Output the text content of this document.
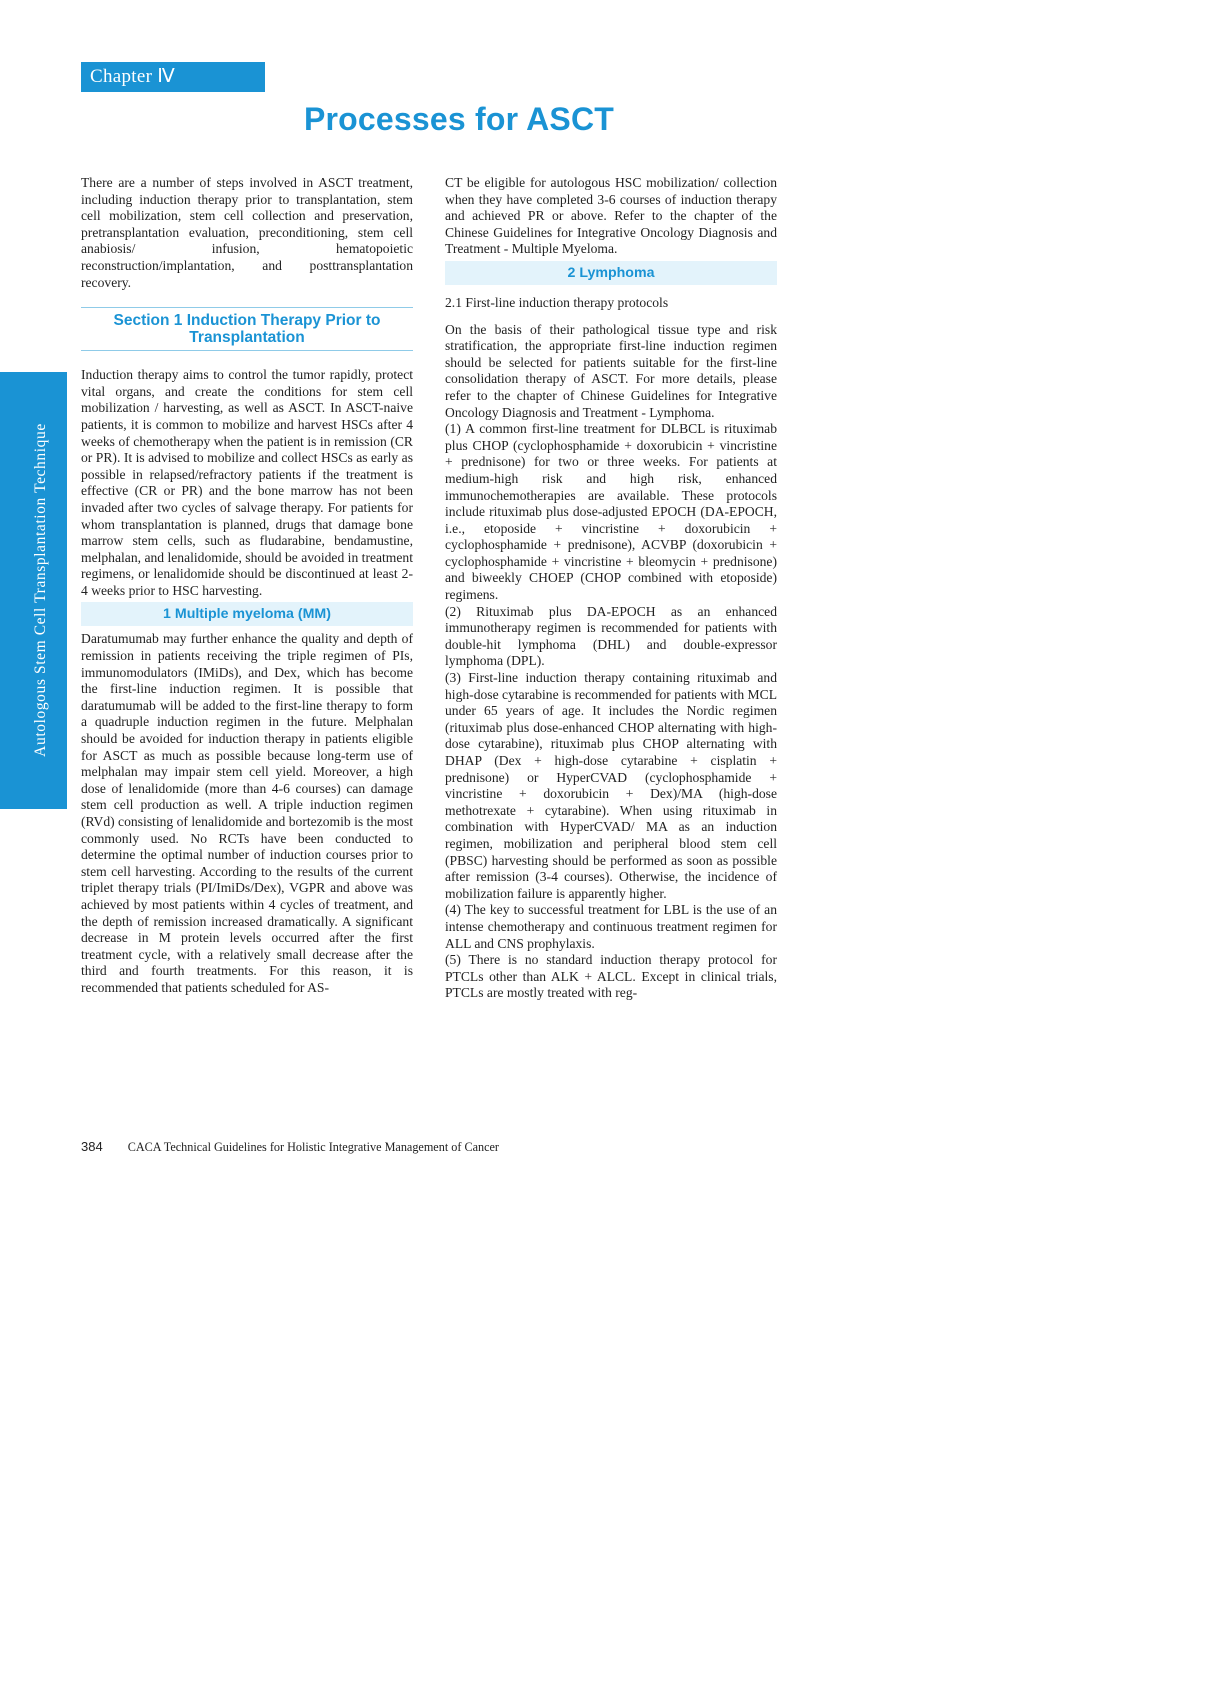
Chapter Ⅳ
Processes for ASCT
Autologous Stem Cell Transplantation Technique

There are a number of steps involved in ASCT treatment, including induction therapy prior to transplantation, stem cell mobilization, stem cell collection and preservation, pretransplantation evaluation, preconditioning, stem cell anabiosis/ infusion, hematopoietic reconstruction/implantation, and posttransplantation recovery.

Section 1 Induction Therapy Prior to Transplantation

Induction therapy aims to control the tumor rapidly, protect vital organs, and create the conditions for stem cell mobilization / harvesting, as well as ASCT. In ASCT-naive patients, it is common to mobilize and harvest HSCs after 4 weeks of chemotherapy when the patient is in remission (CR or PR). It is advised to mobilize and collect HSCs as early as possible in relapsed/refractory patients if the treatment is effective (CR or PR) and the bone marrow has not been invaded after two cycles of salvage therapy. For patients for whom transplantation is planned, drugs that damage bone marrow stem cells, such as fludarabine, bendamustine, melphalan, and lenalidomide, should be avoided in treatment regimens, or lenalidomide should be discontinued at least 2-4 weeks prior to HSC harvesting.

1 Multiple myeloma (MM)

Daratumumab may further enhance the quality and depth of remission in patients receiving the triple regimen of PIs, immunomodulators (IMiDs), and Dex, which has become the first-line induction regimen. It is possible that daratumumab will be added to the first-line therapy to form a quadruple induction regimen in the future. Melphalan should be avoided for induction therapy in patients eligible for ASCT as much as possible because long-term use of melphalan may impair stem cell yield. Moreover, a high dose of lenalidomide (more than 4-6 courses) can damage stem cell production as well. A triple induction regimen (RVd) consisting of lenalidomide and bortezomib is the most commonly used. No RCTs have been conducted to determine the optimal number of induction courses prior to stem cell harvesting. According to the results of the current triplet therapy trials (PI/ImiDs/Dex), VGPR and above was achieved by most patients within 4 cycles of treatment, and the depth of remission increased dramatically. A significant decrease in M protein levels occurred after the first treatment cycle, with a relatively small decrease after the third and fourth treatments. For this reason, it is recommended that patients scheduled for AS-

CT be eligible for autologous HSC mobilization/ collection when they have completed 3-6 courses of induction therapy and achieved PR or above. Refer to the chapter of the Chinese Guidelines for Integrative Oncology Diagnosis and Treatment - Multiple Myeloma.

2 Lymphoma

2.1 First-line induction therapy protocols

On the basis of their pathological tissue type and risk stratification, the appropriate first-line induction regimen should be selected for patients suitable for the first-line consolidation therapy of ASCT. For more details, please refer to the chapter of Chinese Guidelines for Integrative Oncology Diagnosis and Treatment - Lymphoma.

(1) A common first-line treatment for DLBCL is rituximab plus CHOP (cyclophosphamide + doxorubicin + vincristine + prednisone) for two or three weeks. For patients at medium-high risk and high risk, enhanced immunochemotherapies are available. These protocols include rituximab plus dose-adjusted EPOCH (DA-EPOCH, i.e., etoposide + vincristine + doxorubicin + cyclophosphamide + prednisone), ACVBP (doxorubicin + cyclophosphamide + vincristine + bleomycin + prednisone) and biweekly CHOEP (CHOP combined with etoposide) regimens.

(2) Rituximab plus DA-EPOCH as an enhanced immunotherapy regimen is recommended for patients with double-hit lymphoma (DHL) and double-expressor lymphoma (DPL).

(3) First-line induction therapy containing rituximab and high-dose cytarabine is recommended for patients with MCL under 65 years of age. It includes the Nordic regimen (rituximab plus dose-enhanced CHOP alternating with high-dose cytarabine), rituximab plus CHOP alternating with DHAP (Dex + high-dose cytarabine + cisplatin + prednisone) or HyperCVAD (cyclophosphamide + vincristine + doxorubicin + Dex)/MA (high-dose methotrexate + cytarabine). When using rituximab in combination with HyperCVAD/ MA as an induction regimen, mobilization and peripheral blood stem cell (PBSC) harvesting should be performed as soon as possible after remission (3-4 courses). Otherwise, the incidence of mobilization failure is apparently higher.

(4) The key to successful treatment for LBL is the use of an intense chemotherapy and continuous treatment regimen for ALL and CNS prophylaxis.

(5) There is no standard induction therapy protocol for PTCLs other than ALK + ALCL. Except in clinical trials, PTCLs are mostly treated with reg-

384 CACA Technical Guidelines for Holistic Integrative Management of Cancer
